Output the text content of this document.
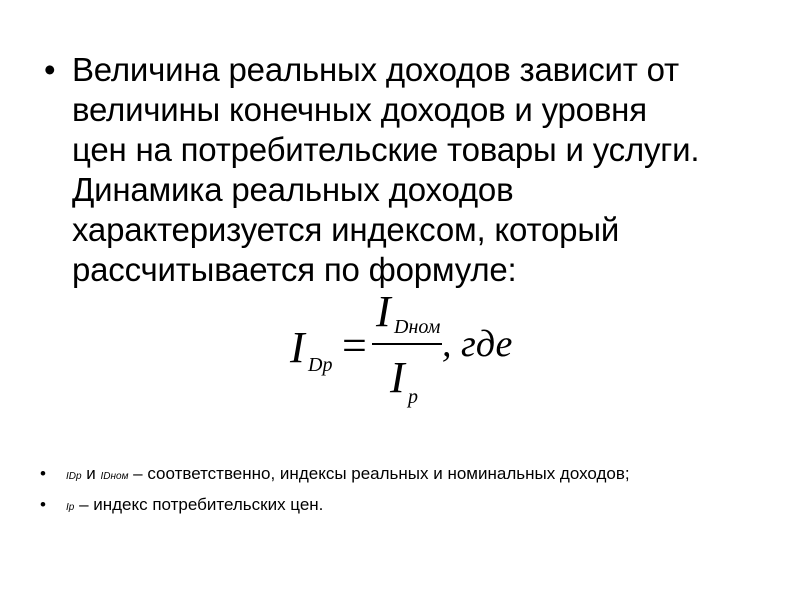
• Величина реальных доходов зависит от
величины конечных доходов и уровня
цен на потребительские товары и услуги.
Динамика реальных доходов
характеризуется индексом, который
рассчитывается по формуле:
I Dp =
I Dном
I p
, где
• IDp и IDном – соответственно, индексы реальных и номинальных доходов;
• Ip – индекс потребительских цен.
